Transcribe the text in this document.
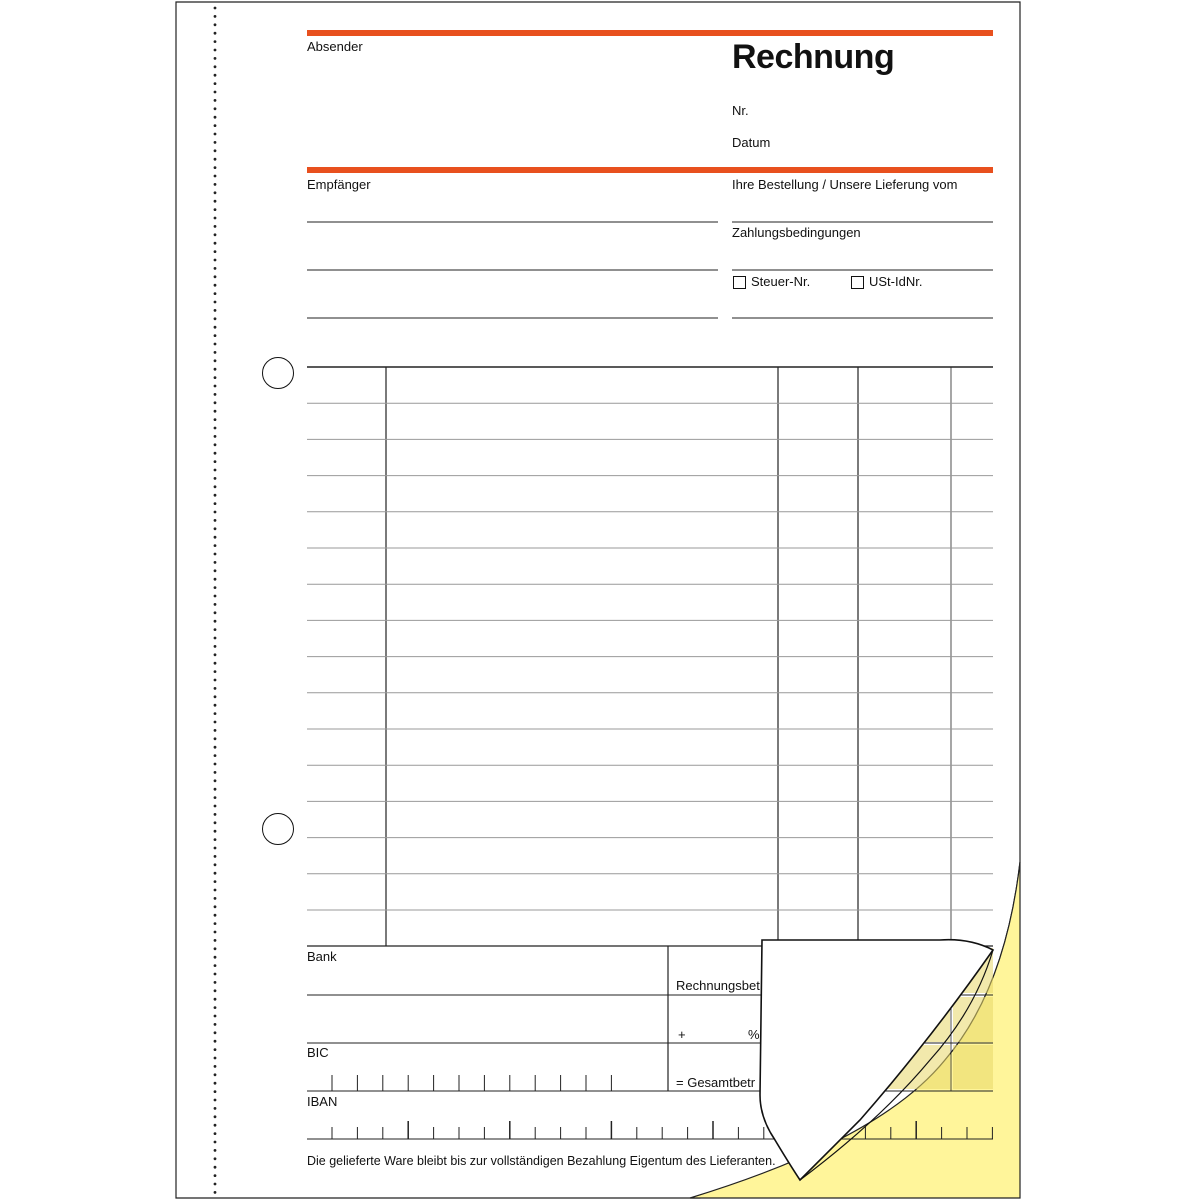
Rechnung
Absender
Nr.
Datum
Empfänger	Ihre Bestellung / Unsere Lieferung vom
Zahlungsbedingungen
Steuer-Nr.	USt-IdNr.
Bank
BIC
IBAN
Rechnungsbet
+	%
= Gesamtbetr
Die gelieferte Ware bleibt bis zur vollständigen Bezahlung Eigentum des Lieferanten.
